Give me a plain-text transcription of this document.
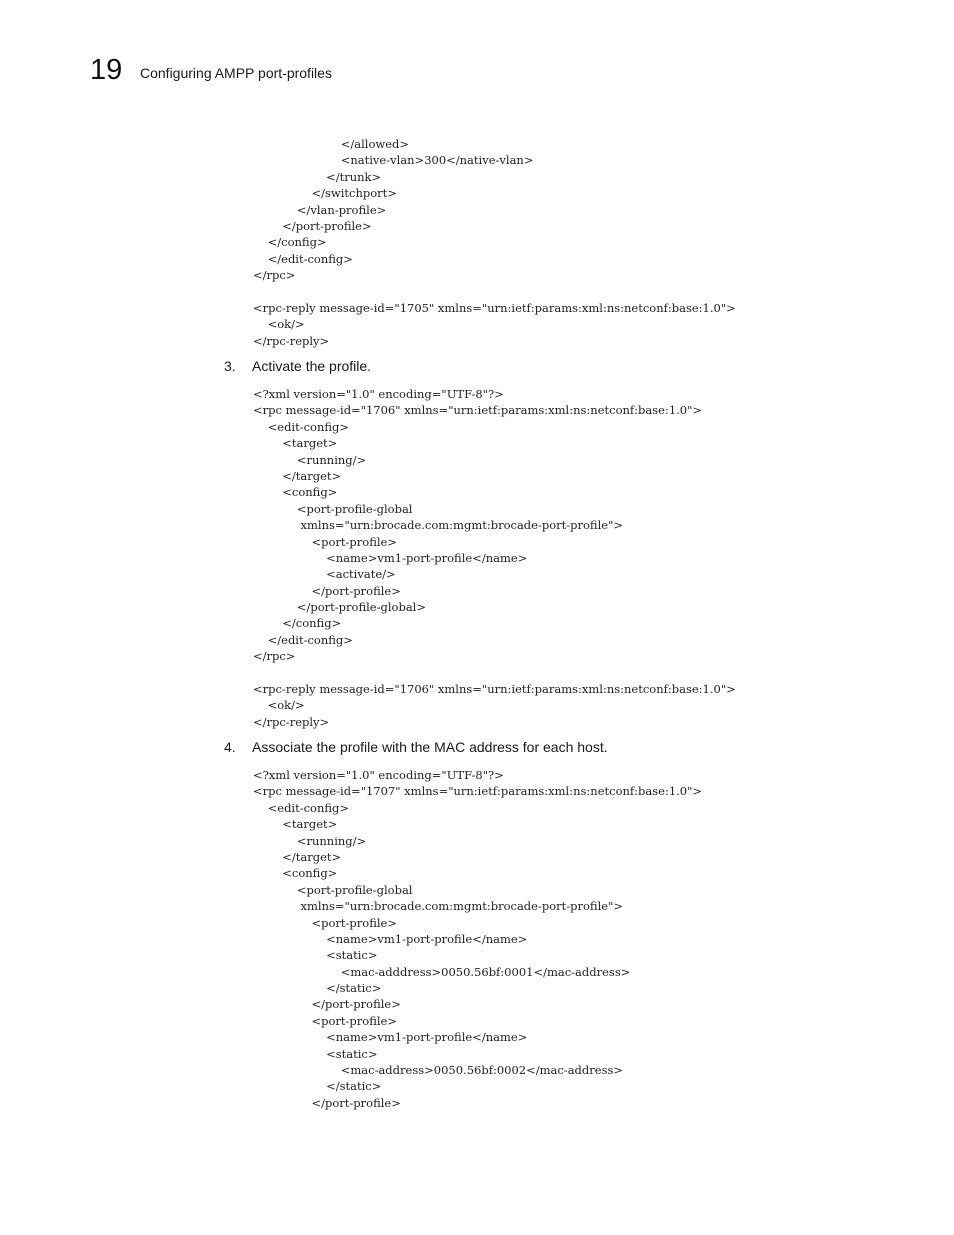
19 Configuring AMPP port-profiles
</allowed>
<native-vlan>300</native-vlan>
</trunk>
</switchport>
</vlan-profile>
</port-profile>
</config>
</edit-config>
</rpc>
<rpc-reply message-id="1705" xmlns="urn:ietf:params:xml:ns:netconf:base:1.0">
<ok/>
</rpc-reply>
3. Activate the profile.
<?xml version="1.0" encoding="UTF-8"?>
<rpc message-id="1706" xmlns="urn:ietf:params:xml:ns:netconf:base:1.0">
<edit-config>
<target>
<running/>
</target>
<config>
<port-profile-global
xmlns="urn:brocade.com:mgmt:brocade-port-profile">
<port-profile>
<name>vm1-port-profile</name>
<activate/>
</port-profile>
</port-profile-global>
</config>
</edit-config>
</rpc>
<rpc-reply message-id="1706" xmlns="urn:ietf:params:xml:ns:netconf:base:1.0">
<ok/>
</rpc-reply>
4. Associate the profile with the MAC address for each host.
<?xml version="1.0" encoding="UTF-8"?>
<rpc message-id="1707" xmlns="urn:ietf:params:xml:ns:netconf:base:1.0">
<edit-config>
<target>
<running/>
</target>
<config>
<port-profile-global
xmlns="urn:brocade.com:mgmt:brocade-port-profile">
<port-profile>
<name>vm1-port-profile</name>
<static>
<mac-adddress>0050.56bf:0001</mac-address>
</static>
</port-profile>
<port-profile>
<name>vm1-port-profile</name>
<static>
<mac-address>0050.56bf:0002</mac-address>
</static>
</port-profile>
